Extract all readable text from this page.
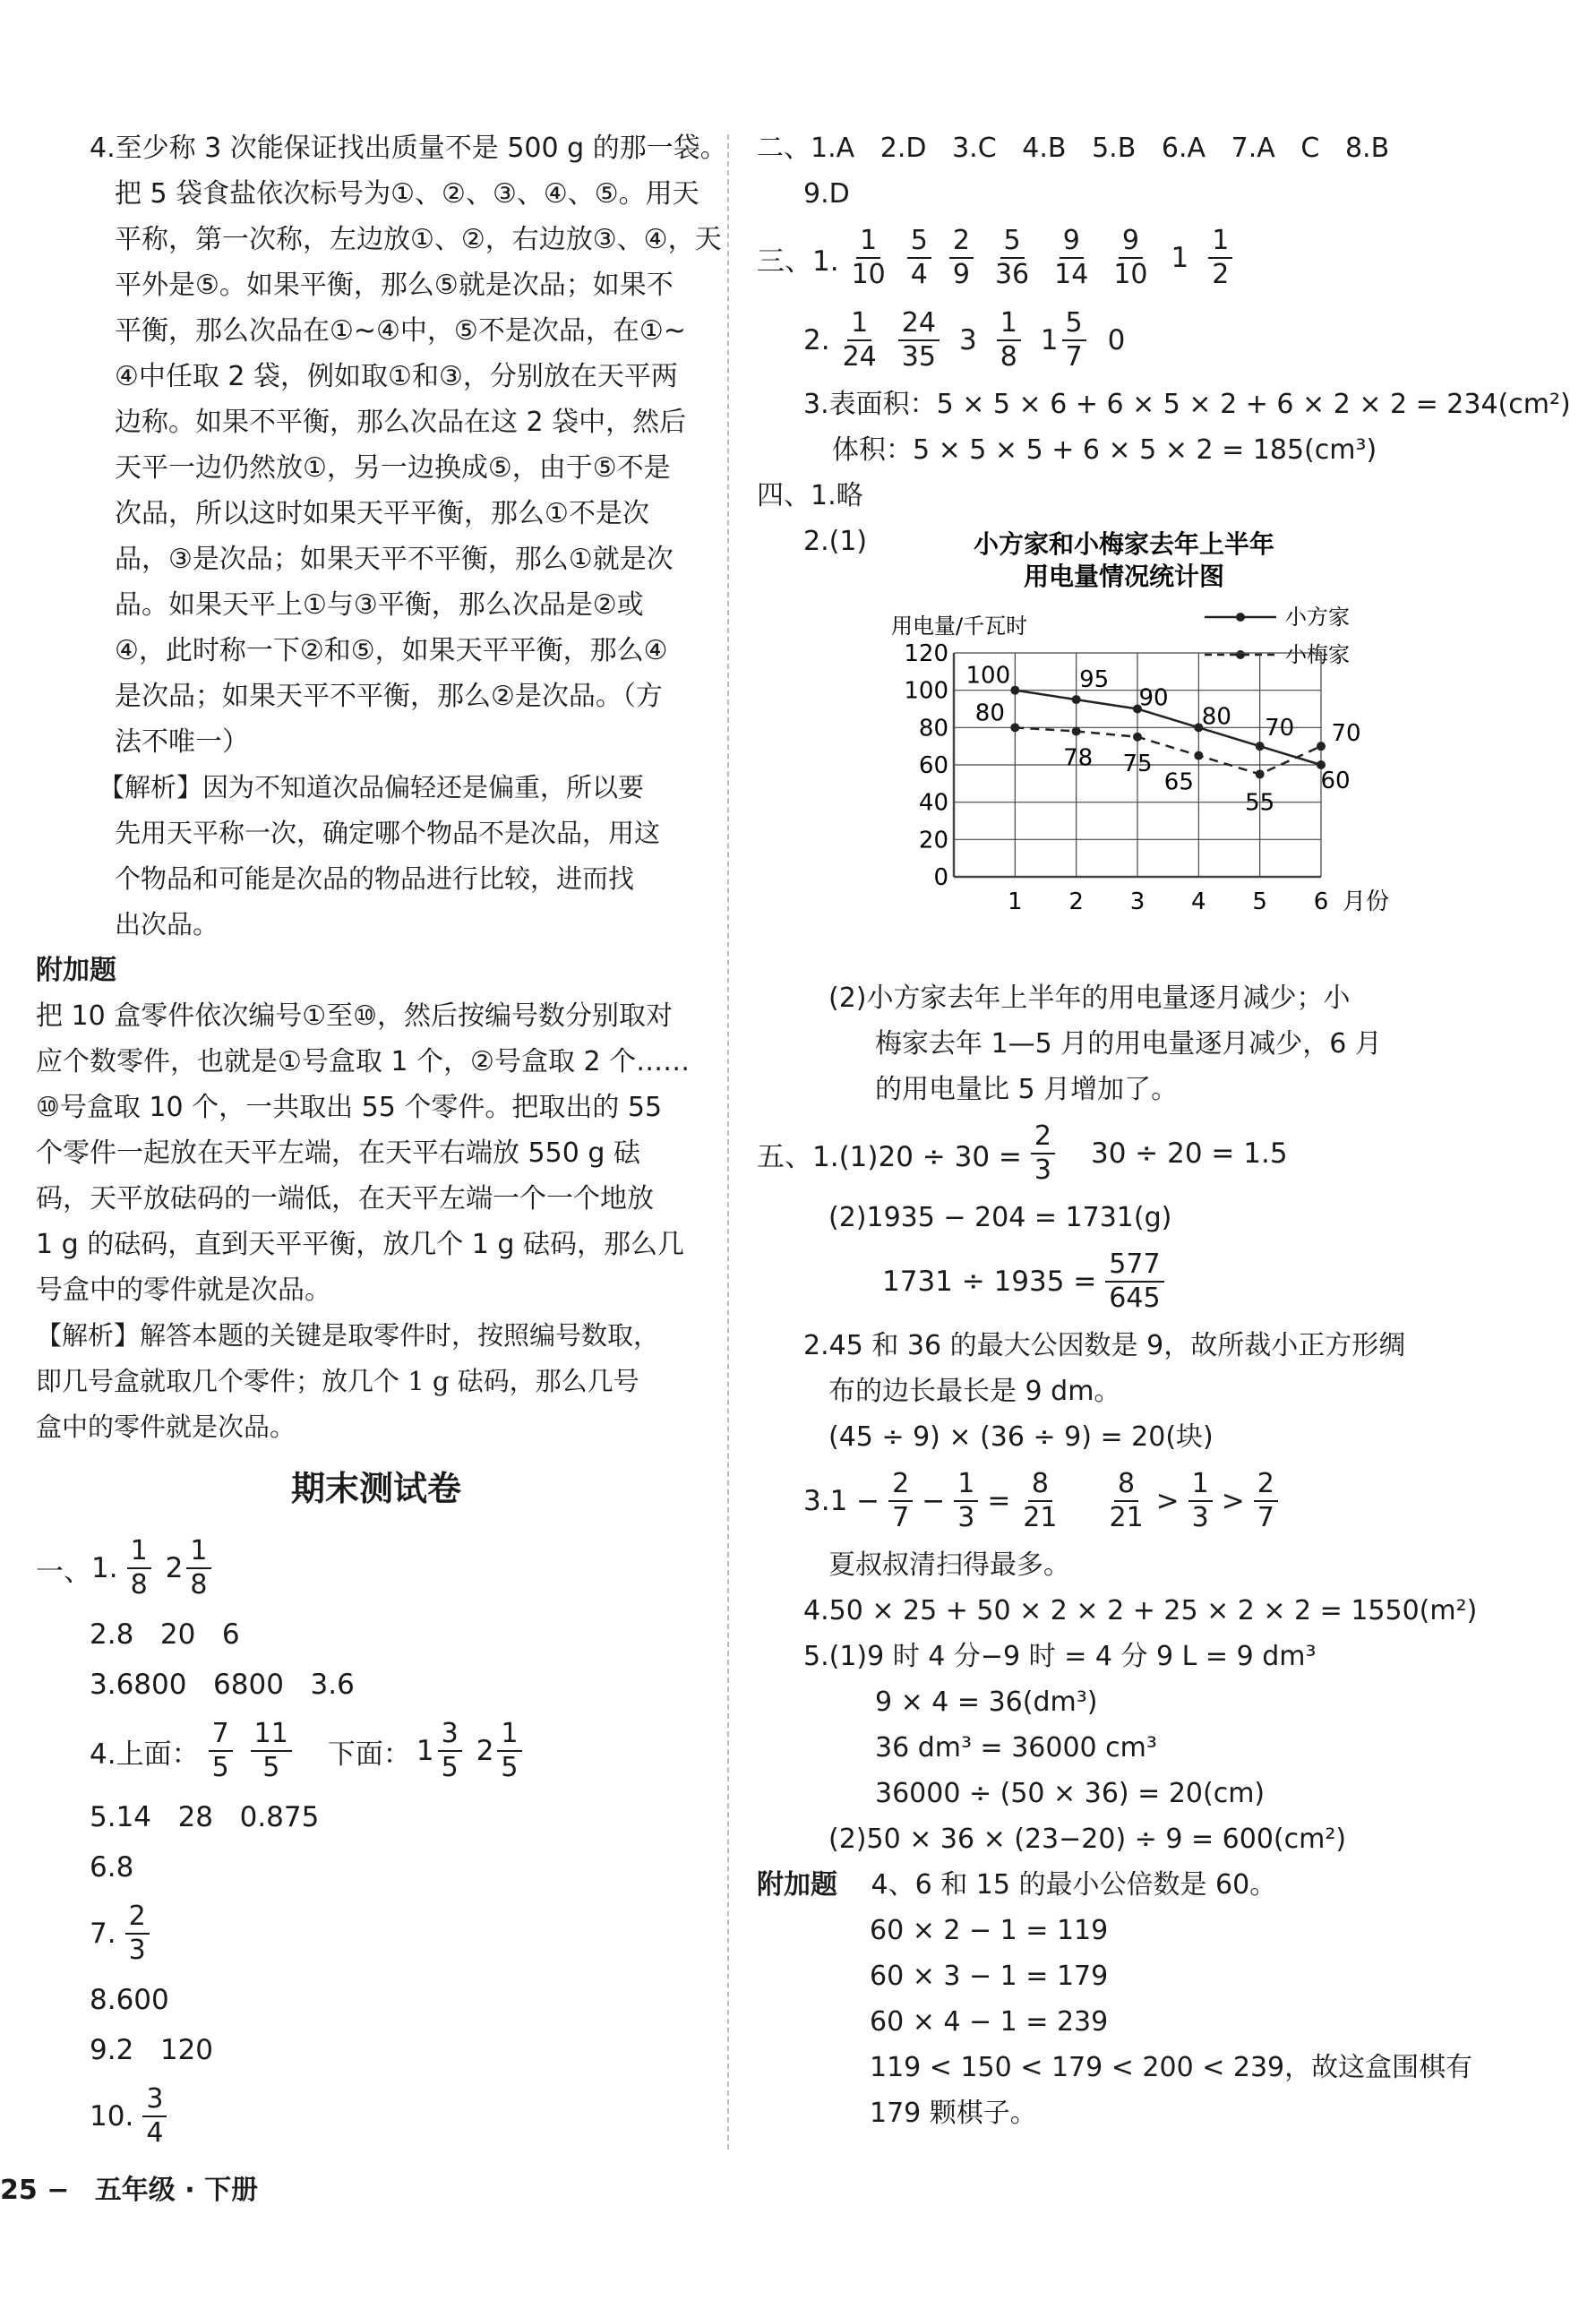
4.至少称 3 次能保证找出质量不是 500 g 的那一袋。
把 5 袋食盐依次标号为①、②、③、④、⑤。用天
平称，第一次称，左边放①、②，右边放③、④，天
平外是⑤。如果平衡，那么⑤就是次品；如果不
平衡，那么次品在①~④中，⑤不是次品，在①~
④中任取 2 袋，例如取①和③，分别放在天平两
边称。如果不平衡，那么次品在这 2 袋中，然后
天平一边仍然放①，另一边换成⑤，由于⑤不是
次品，所以这时如果天平平衡，那么①不是次
品，③是次品；如果天平不平衡，那么①就是次
品。如果天平上①与③平衡，那么次品是②或
④，此时称一下②和⑤，如果天平平衡，那么④
是次品；如果天平不平衡，那么②是次品。（方
法不唯一）
【解析】因为不知道次品偏轻还是偏重，所以要
先用天平称一次，确定哪个物品不是次品，用这
个物品和可能是次品的物品进行比较，进而找
出次品。
附加题
把 10 盒零件依次编号①至⑩，然后按编号数分别取对
应个数零件，也就是①号盒取 1 个，②号盒取 2 个……
⑩号盒取 10 个，一共取出 55 个零件。把取出的 55
个零件一起放在天平左端，在天平右端放 550 g 砝
码，天平放砝码的一端低，在天平左端一个一个地放
1 g 的砝码，直到天平平衡，放几个 1 g 砝码，那么几
号盒中的零件就是次品。
【解析】解答本题的关键是取零件时，按照编号数取，
即几号盒就取几个零件；放几个 1 g 砝码，那么几号
盒中的零件就是次品。
期末测试卷
一、 1. $\frac{1}{8} 2 \frac{1}{8}$
2.8   20   6
3.6800   6800   3.6
4.上面： $\frac{7}{5} \frac{11}{5}$ 下面： $1 \frac{3}{5} 2 \frac{1}{5}$
5.14   28   0.875
6.8
7. $\frac{2}{3}$
8.600
9.2   120
10. $\frac{3}{4}$
二、1.A   2.D   3.C   4.B   5.B   6.A   7.A   C   8.B
9.D
三、1. $\frac{1}{10} \frac{5}{4} \frac{2}{9} \frac{5}{36} \frac{9}{14} \frac{9}{10} 1 \frac{1}{2}$
2. $\frac{1}{24} \frac{24}{35} 3 \frac{1}{8} 1 \frac{5}{7} 0$
3.表面积：5 × 5 × 6 + 6 × 5 × 2 + 6 × 2 × 2 = 234(cm²)
体积：5 × 5 × 5 + 6 × 5 × 2 = 185(cm³)
四、1.略
2.(1)	小方家和小梅家去年上半年
用电量情况统计图
用电量/千瓦时	小方家
小梅家
0
20
40
60
80
100
120
1 2 3 4 5 6 月份
100	95
90
80 70
60
80
78 75
65
55
70
(2)小方家去年上半年的用电量逐月减少；小
梅家去年 1—5 月的用电量逐月减少，6 月
的用电量比 5 月增加了。
五、$1.(1)20 \div 30 = \frac{2}{3} 30 \div 20 = 1.5$
(2)1935 − 204 = 1731(g)
$1731 \div 1935 = \frac{577}{645}$
2.45 和 36 的最大公因数是 9，故所裁小正方形绸
布的边长最长是 9 dm。
(45 ÷ 9) × (36 ÷ 9) = 20(块)
$3.1 - \frac{2}{7} - \frac{1}{3} = \frac{8}{21} \frac{8}{21} > \frac{1}{3} > \frac{2}{7}$
夏叔叔清扫得最多。
4.50 × 25 + 50 × 2 × 2 + 25 × 2 × 2 = 1550(m²)
5.(1)9 时 4 分−9 时 = 4 分 9 L = 9 dm³
9 × 4 = 36(dm³)
36 dm³ = 36000 cm³
36000 ÷ (50 × 36) = 20(cm)
(2)50 × 36 × (23−20) ÷ 9 = 600(cm²)
附加题 4、6 和 15 的最小公倍数是 60。
60 × 2 − 1 = 119
60 × 3 − 1 = 179
60 × 4 − 1 = 239
119 < 150 < 179 < 200 < 239，故这盒围棋有
179 颗棋子。
25 − 五年级 · 下册
